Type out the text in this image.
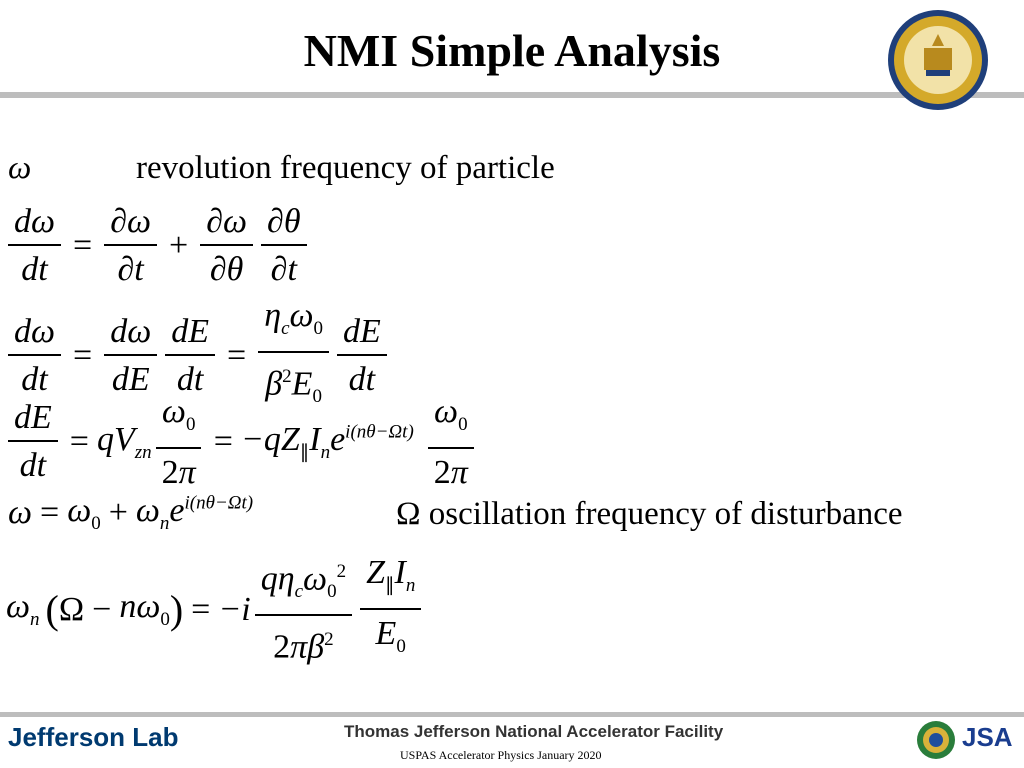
NMI Simple Analysis
ω	revolution frequency of particle
$\frac{d\omega}{dt} = \frac{\partial\omega}{\partial t} + \frac{\partial\omega}{\partial\theta} \frac{\partial\theta}{\partial t}$
$\frac{d\omega}{dt} = \frac{d\omega}{dE} \frac{dE}{dt} = \frac{\eta_c\omega_0}{\beta^2E_0} \frac{dE}{dt}$
$\frac{dE}{dt} = qV_{zn} \frac{\omega_0}{2\pi} = -qZ_\parallel I_ne^{i(n\theta-\Omega t)} \frac{\omega_0}{2\pi}$
$\omega = \omega_0 + \omega_ne^{i(n\theta-\Omega t)}$	Ω oscillation frequency of disturbance
$\omega_n$ ( $\Omega - n\omega_0$ ) = $-i \frac{q\eta_c\omega_0^2}{2\pi\beta^2} \frac{Z_\parallel I_n}{E_0}$
Jefferson Lab	Thomas Jefferson National Accelerator Facility
USPAS Accelerator Physics January 2020
JSA
